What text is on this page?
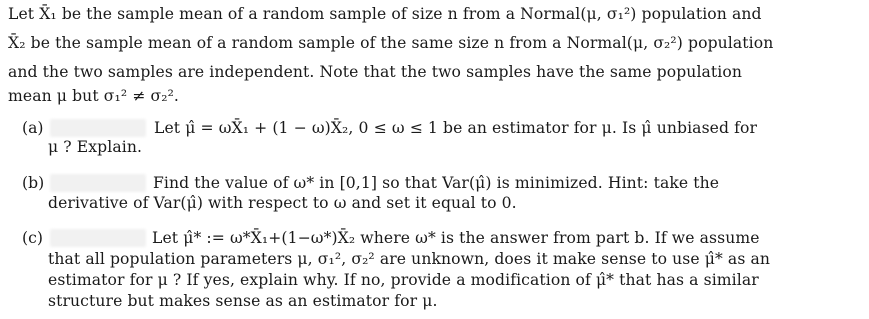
Let X̄₁ be the sample mean of a random sample of size n from a Normal(μ, σ₁²) population and
X̄₂ be the sample mean of a random sample of the same size n from a Normal(μ, σ₂²) population
and the two samples are independent. Note that the two samples have the same population
mean μ but σ₁² ≠ σ₂².
(a)	Let μ̂ = ωX̄₁ + (1 − ω)X̄₂, 0 ≤ ω ≤ 1 be an estimator for μ. Is μ̂ unbiased for
μ ? Explain.
(b)	Find the value of ω* in [0,1] so that Var(μ̂) is minimized. Hint: take the
derivative of Var(μ̂) with respect to ω and set it equal to 0.
(c)	Let μ̂* := ω*X̄₁+(1−ω*)X̄₂ where ω* is the answer from part b. If we assume
that all population parameters μ, σ₁², σ₂² are unknown, does it make sense to use μ̂* as an
estimator for μ ? If yes, explain why. If no, provide a modification of μ̂* that has a similar
structure but makes sense as an estimator for μ.
